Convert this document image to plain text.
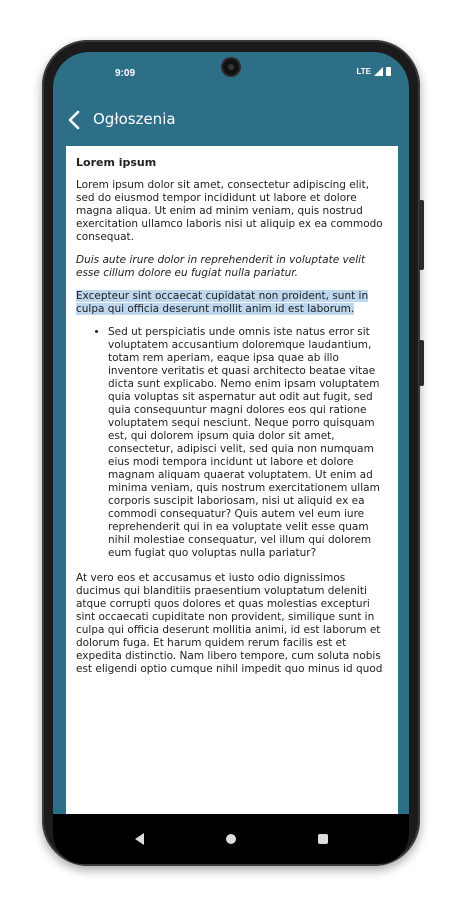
9:09	LTE
Ogłoszenia

Lorem ipsum

Lorem ipsum dolor sit amet, consectetur adipiscing elit, sed do eiusmod tempor incididunt ut labore et dolore magna aliqua. Ut enim ad minim veniam, quis nostrud exercitation ullamco laboris nisi ut aliquip ex ea commodo consequat.

Duis aute irure dolor in reprehenderit in voluptate velit esse cillum dolore eu fugiat nulla pariatur.

Excepteur sint occaecat cupidatat non proident, sunt in culpa qui officia deserunt mollit anim id est laborum.

• Sed ut perspiciatis unde omnis iste natus error sit voluptatem accusantium doloremque laudantium, totam rem aperiam, eaque ipsa quae ab illo inventore veritatis et quasi architecto beatae vitae dicta sunt explicabo. Nemo enim ipsam voluptatem quia voluptas sit aspernatur aut odit aut fugit, sed quia consequuntur magni dolores eos qui ratione voluptatem sequi nesciunt. Neque porro quisquam est, qui dolorem ipsum quia dolor sit amet, consectetur, adipisci velit, sed quia non numquam eius modi tempora incidunt ut labore et dolore magnam aliquam quaerat voluptatem. Ut enim ad minima veniam, quis nostrum exercitationem ullam corporis suscipit laboriosam, nisi ut aliquid ex ea commodi consequatur? Quis autem vel eum iure reprehenderit qui in ea voluptate velit esse quam nihil molestiae consequatur, vel illum qui dolorem eum fugiat quo voluptas nulla pariatur?

At vero eos et accusamus et iusto odio dignissimos ducimus qui blanditiis praesentium voluptatum deleniti atque corrupti quos dolores et quas molestias excepturi sint occaecati cupiditate non provident, similique sunt in culpa qui officia deserunt mollitia animi, id est laborum et dolorum fuga. Et harum quidem rerum facilis est et expedita distinctio. Nam libero tempore, cum soluta nobis est eligendi optio cumque nihil impedit quo minus id quod
